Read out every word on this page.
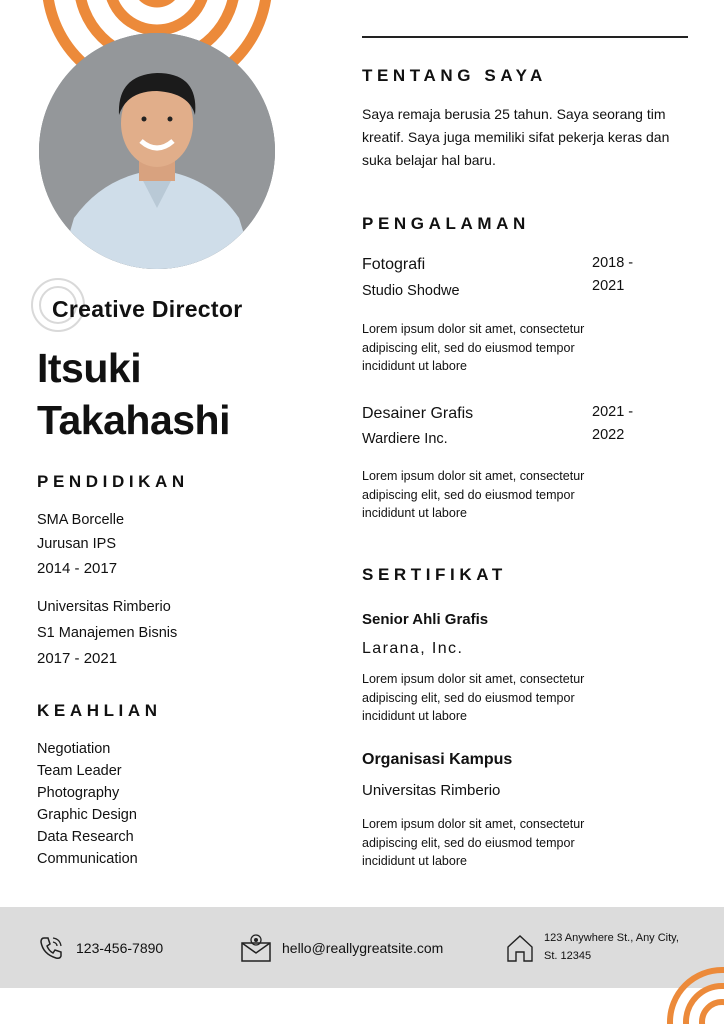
Creative Director
Itsuki
Takahashi
PENDIDIKAN
SMA Borcelle
Jurusan IPS
2014 - 2017
Universitas Rimberio
S1 Manajemen Bisnis
2017 - 2021
KEAHLIAN
Negotiation
Team Leader
Photography
Graphic Design
Data Research
Communication
TENTANG SAYA
Saya remaja berusia 25 tahun. Saya seorang tim kreatif. Saya juga memiliki sifat pekerja keras dan suka belajar hal baru.
PENGALAMAN
Fotografi
Studio Shodwe
2018 -
2021
Lorem ipsum dolor sit amet, consectetur adipiscing elit, sed do eiusmod tempor incididunt ut labore
Desainer Grafis
Wardiere Inc.
2021 -
2022
Lorem ipsum dolor sit amet, consectetur adipiscing elit, sed do eiusmod tempor incididunt ut labore
SERTIFIKAT
Senior Ahli Grafis
Larana, Inc.
Lorem ipsum dolor sit amet, consectetur adipiscing elit, sed do eiusmod tempor incididunt ut labore
Organisasi Kampus
Universitas Rimberio
Lorem ipsum dolor sit amet, consectetur adipiscing elit, sed do eiusmod tempor incididunt ut labore
123-456-7890	hello@reallygreatsite.com
123 Anywhere St., Any City,
St. 12345
